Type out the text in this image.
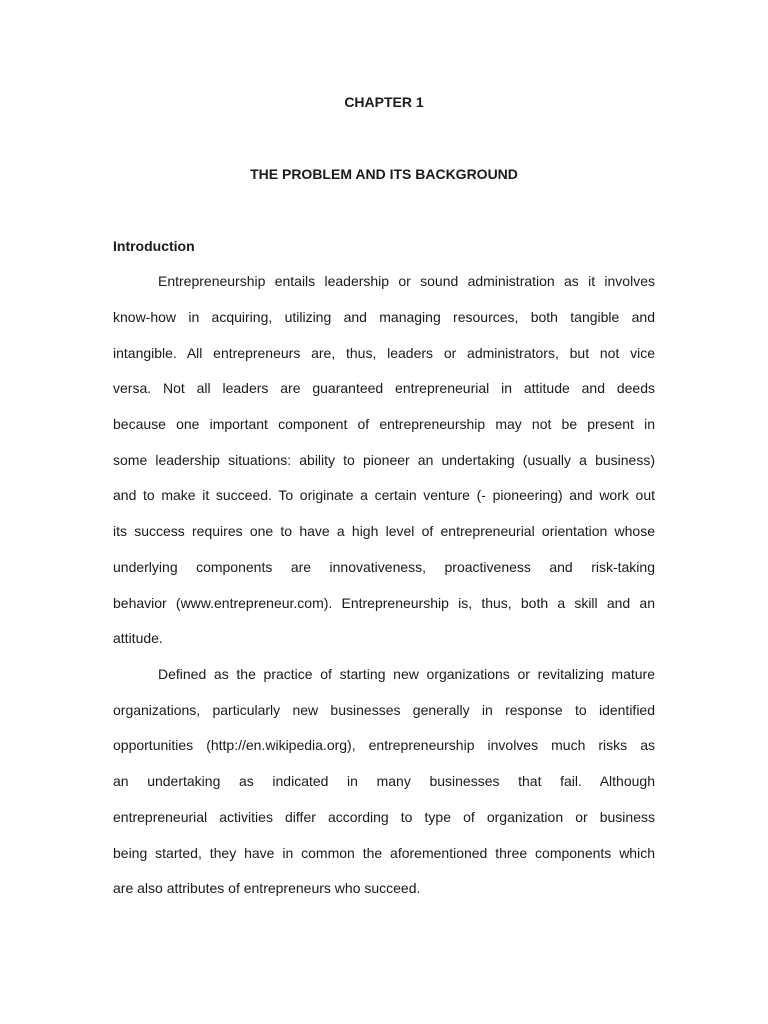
CHAPTER 1

THE PROBLEM AND ITS BACKGROUND

Introduction

Entrepreneurship entails leadership or sound administration as it involves

know-how in acquiring, utilizing and managing resources, both tangible and

intangible. All entrepreneurs are, thus, leaders or administrators, but not vice

versa. Not all leaders are guaranteed entrepreneurial in attitude and deeds

because one important component of entrepreneurship may not be present in

some leadership situations: ability to pioneer an undertaking (usually a business)

and to make it succeed. To originate a certain venture (- pioneering) and work out

its success requires one to have a high level of entrepreneurial orientation whose

underlying components are innovativeness, proactiveness and risk-taking

behavior (www.entrepreneur.com). Entrepreneurship is, thus, both a skill and an

attitude.

Defined as the practice of starting new organizations or revitalizing mature

organizations, particularly new businesses generally in response to identified

opportunities (http://en.wikipedia.org), entrepreneurship involves much risks as

an undertaking as indicated in many businesses that fail. Although

entrepreneurial activities differ according to type of organization or business

being started, they have in common the aforementioned three components which

are also attributes of entrepreneurs who succeed.
